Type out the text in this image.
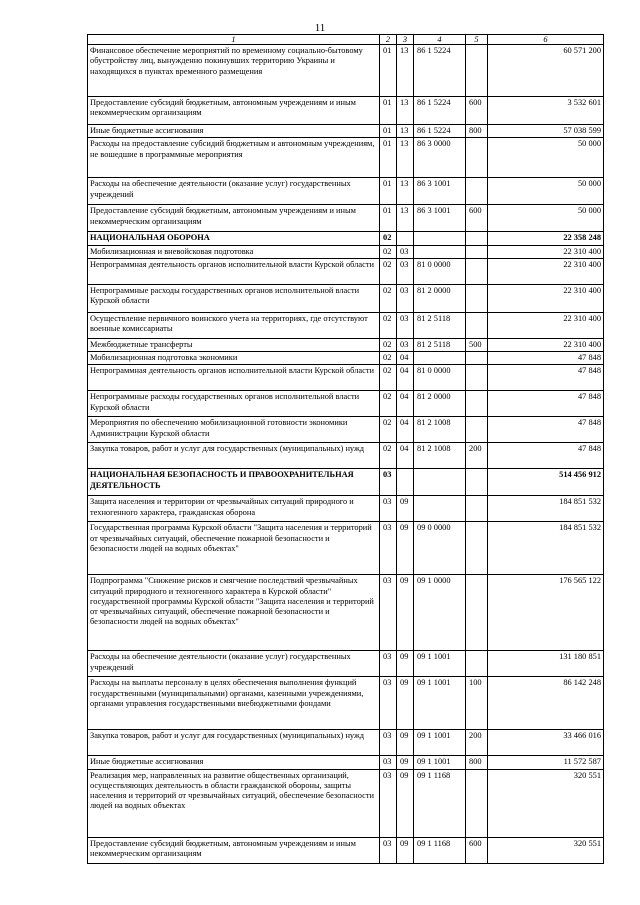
11
1	2	3	4	5	6
Финансовое обеспечение мероприятий по временному социально-бытовому обустройству лиц, вынужденно покинувших территорию Украины и находящихся в пунктах временного размещения	01	13	86 1 5224		60 571 200
Предоставление субсидий бюджетным, автономным учреждениям и иным некоммерческим организациям	01	13	86 1 5224	600	3 532 601
Иные бюджетные ассигнования	01	13	86 1 5224	800	57 038 599
Расходы на предоставление субсидий бюджетным и автономным учреждениям, не вошедшие в программные мероприятия	01	13	86 3 0000		50 000
Расходы на обеспечение деятельности (оказание услуг) государственных учреждений	01	13	86 3 1001		50 000
Предоставление субсидий бюджетным, автономным учреждениям и иным некоммерческим организациям	01	13	86 3 1001	600	50 000
НАЦИОНАЛЬНАЯ ОБОРОНА	02				22 358 248
Мобилизационная и вневойсковая подготовка	02	03			22 310 400
Непрограммная деятельность органов исполнительной власти Курской области	02	03	81 0 0000		22 310 400
Непрограммные расходы государственных органов исполнительной власти Курской области	02	03	81 2 0000		22 310 400
Осуществление первичного воинского учета на территориях, где отсутствуют военные комиссариаты	02	03	81 2 5118		22 310 400
Межбюджетные трансферты	02	03	81 2 5118	500	22 310 400
Мобилизационная подготовка экономики	02	04			47 848
Непрограммная деятельность органов исполнительной власти Курской области	02	04	81 0 0000		47 848
Непрограммные расходы государственных органов исполнительной власти Курской области	02	04	81 2 0000		47 848
Мероприятия по обеспечению мобилизационной готовности экономики Администрации Курской области	02	04	81 2 1008		47 848
Закупка товаров, работ и услуг для государственных (муниципальных) нужд	02	04	81 2 1008	200	47 848
НАЦИОНАЛЬНАЯ БЕЗОПАСНОСТЬ И ПРАВООХРАНИТЕЛЬНАЯ ДЕЯТЕЛЬНОСТЬ	03				514 456 912
Защита населения и территории от чрезвычайных ситуаций природного и техногенного характера, гражданская оборона	03	09			184 851 532
Государственная программа Курской области "Защита населения и территорий от чрезвычайных ситуаций, обеспечение пожарной безопасности и безопасности людей на водных объектах"	03	09	09 0 0000		184 851 532
Подпрограмма "Снижение рисков и смягчение последствий чрезвычайных ситуаций природного и техногенного характера в Курской области" государственной программы Курской области "Защита населения и территорий от чрезвычайных ситуаций, обеспечение пожарной безопасности и безопасности людей на водных объектах"	03	09	09 1 0000		176 565 122
Расходы на обеспечение деятельности (оказание услуг) государственных учреждений	03	09	09 1 1001		131 180 851
Расходы на выплаты персоналу в целях обеспечения выполнения функций государственными (муниципальными) органами, казенными учреждениями, органами управления государственными внебюджетными фондами	03	09	09 1 1001	100	86 142 248
Закупка товаров, работ и услуг для государственных (муниципальных) нужд	03	09	09 1 1001	200	33 466 016
Иные бюджетные ассигнования	03	09	09 1 1001	800	11 572 587
Реализация мер, направленных на развитие общественных организаций, осуществляющих деятельность в области гражданской обороны, защиты населения и территорий от чрезвычайных ситуаций, обеспечение безопасности людей на водных объектах	03	09	09 1 1168		320 551
Предоставление субсидий бюджетным, автономным учреждениям и иным некоммерческим организациям	03	09	09 1 1168	600	320 551
